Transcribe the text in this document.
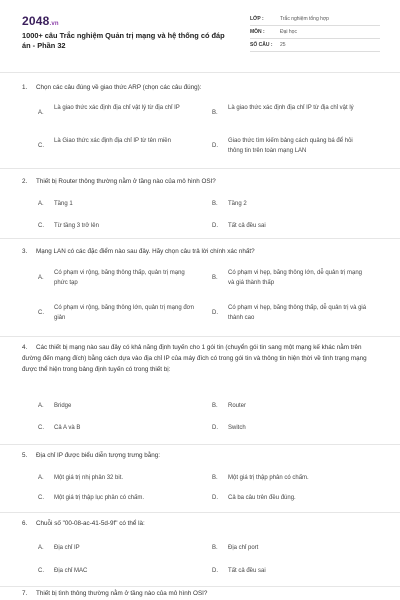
2048.vn
1000+ câu Trắc nghiệm Quản trị mạng và hệ thống có đáp án - Phần 32
LỚP :	Trắc nghiệm tổng hợp
MÔN :	Đại học
SỐ CÂU :	25
1. Chọn các câu đúng về giao thức ARP (chọn các câu đúng):
A.
Là giao thức xác định địa chỉ vật lý từ địa chỉ IP
B.
Là giao thức xác định địa chỉ IP từ địa chỉ vật lý
C.
Là Giao thức xác định địa chỉ IP từ tên miền
D.
Giao thức tìm kiếm bảng cách quảng bá để hỏi thông tin trên toàn mạng LAN
2. Thiết bị Router thông thường nằm ở tầng nào của mô hình OSI?
A.	Tầng 1	B.	Tầng 2
C.	Từ tầng 3 trở lên	D.	Tất cả đều sai
3. Mạng LAN có các đặc điểm nào sau đây. Hãy chọn câu trả lời chính xác nhất?
A.
Có phạm vi rộng, băng thông thấp, quản trị mạng phức tạp
B.
Có phạm vi hẹp, băng thông lớn, dễ quản trị mạng và giá thành thấp
C.
Có phạm vi rộng, băng thông lớn, quản trị mạng đơn giản
D.
Có phạm vi hẹp, băng thông thấp, dễ quản trị và giá thành cao
4. Các thiết bị mạng nào sau đây có khả năng định tuyến cho 1 gói tin (chuyển gói tin sang một mạng kế khác nằm trên đường đến mạng đích) bằng cách dựa vào địa chỉ IP của máy đích có trong gói tin và thông tin hiện thời về tình trạng mạng được thể hiện trong bảng định tuyến có trong thiết bị:
A.	Bridge	B.	Router
C.	Cả A và B	D.	Switch
5. Địa chỉ IP được biểu diễn tượng trưng bằng:
A.	Một giá trị nhị phân 32 bit.	B.	Một giá trị thập phân có chấm.
C.	Một giá trị thập lục phân có chấm.	D.	Cả ba câu trên đều đúng.
6. Chuỗi số "00-08-ac-41-5d-9f" có thể là:
A.	Địa chỉ IP	B.	Địa chỉ port
C.	Địa chỉ MAC	D.	Tất cả đều sai
7. Thiết bị tình thông thường nằm ở tầng nào của mô hình OSI?
